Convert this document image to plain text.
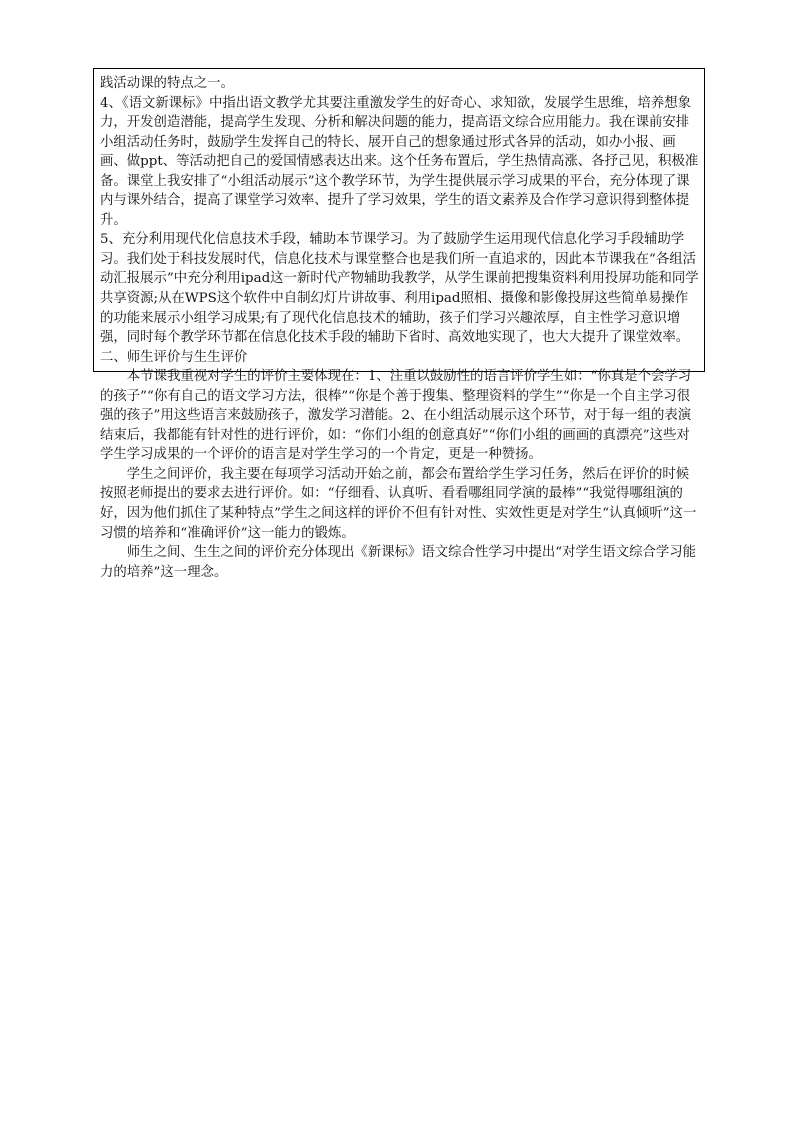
践活动课的特点之一。

4、《语文新课标》中指出语文教学尤其要注重激发学生的好奇心、求知欲，发展学生思维，培养想象力，开发创造潜能，提高学生发现、分析和解决问题的能力，提高语文综合应用能力。我在课前安排小组活动任务时，鼓励学生发挥自己的特长、展开自己的想象通过形式各异的活动，如办小报、画画、做ppt、等活动把自己的爱国情感表达出来。这个任务布置后，学生热情高涨、各抒己见，积极准备。课堂上我安排了“小组活动展示”这个教学环节，为学生提供展示学习成果的平台，充分体现了课内与课外结合，提高了课堂学习效率、提升了学习效果，学生的语文素养及合作学习意识得到整体提升。

5、充分利用现代化信息技术手段，辅助本节课学习。为了鼓励学生运用现代信息化学习手段辅助学习。我们处于科技发展时代，信息化技术与课堂整合也是我们所一直追求的，因此本节课我在“各组活动汇报展示”中充分利用ipad这一新时代产物辅助我教学，从学生课前把搜集资料利用投屏功能和同学共享资源;从在WPS这个软件中自制幻灯片讲故事、利用ipad照相、摄像和影像投屏这些简单易操作的功能来展示小组学习成果;有了现代化信息技术的辅助，孩子们学习兴趣浓厚，自主性学习意识增强，同时每个教学环节都在信息化技术手段的辅助下省时、高效地实现了，也大大提升了课堂效率。

二、师生评价与生生评价

本节课我重视对学生的评价主要体现在：1、注重以鼓励性的语言评价学生如：“你真是个会学习的孩子”“你有自己的语文学习方法，很棒”“你是个善于搜集、整理资料的学生”“你是一个自主学习很强的孩子”用这些语言来鼓励孩子，激发学习潜能。2、在小组活动展示这个环节，对于每一组的表演结束后，我都能有针对性的进行评价，如：“你们小组的创意真好”“你们小组的画画的真漂亮”这些对学生学习成果的一个评价的语言是对学生学习的一个肯定，更是一种赞扬。

学生之间评价，我主要在每项学习活动开始之前，都会布置给学生学习任务，然后在评价的时候按照老师提出的要求去进行评价。如：“仔细看、认真听、看看哪组同学演的最棒”“我觉得哪组演的好，因为他们抓住了某种特点”学生之间这样的评价不但有针对性、实效性更是对学生“认真倾听”这一习惯的培养和“准确评价”这一能力的锻炼。

师生之间、生生之间的评价充分体现出《新课标》语文综合性学习中提出“对学生语文综合学习能力的培养”这一理念。
